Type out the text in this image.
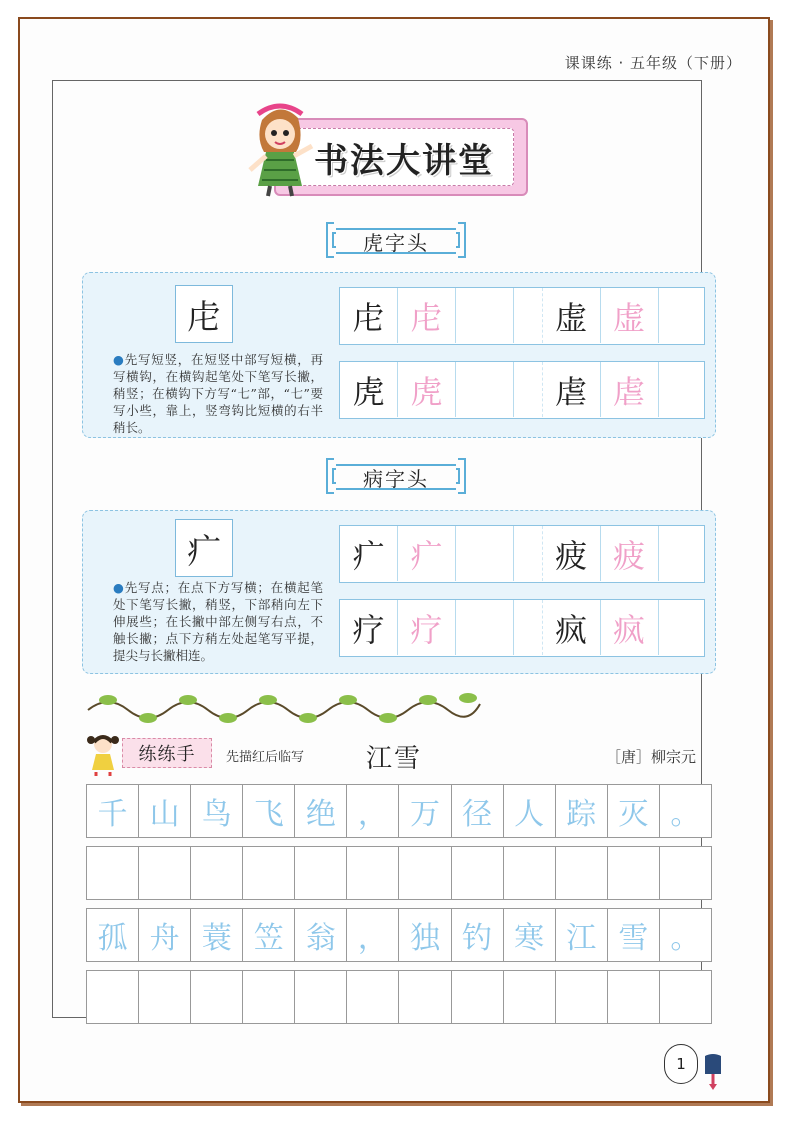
课课练 · 五年级（下册）
书法大讲堂
虎字头
虍
●先写短竖，在短竖中部写短横，再写横钩，在横钩起笔处下笔写长撇，稍竖；在横钩下方写“七”部，“七”要写小些，靠上，竖弯钩比短横的右半稍长。
虍 虍	虚 虚
虎 虎	虐 虐
病字头
疒
●先写点；在点下方写横；在横起笔处下笔写长撇，稍竖，下部稍向左下伸展些；在长撇中部左侧写右点，不触长撇；点下方稍左处起笔写平提，提尖与长撇相连。
疒 疒	疲 疲
疗 疗	疯 疯
练练手	先描红后临写 江雪	［唐］柳宗元
千 山 鸟 飞 绝 ， 万 径 人 踪 灭 。
孤 舟 蓑 笠 翁 ， 独 钓 寒 江 雪 。
1
